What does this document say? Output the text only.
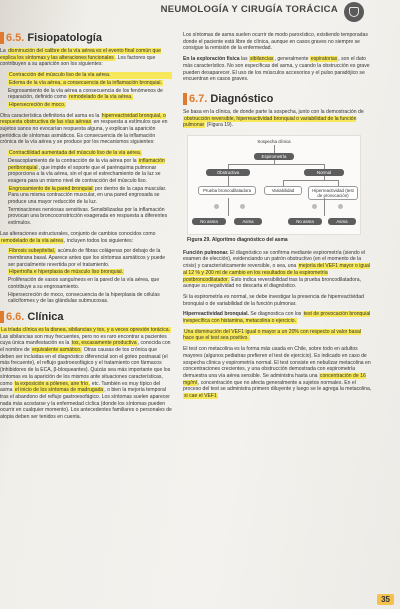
NEUMOLOGÍA Y CIRUGÍA TORÁCICA
6.5. Fisiopatología

La disminución del calibre de la vía aérea es el evento final común que explica los síntomas y las alteraciones funcionales. Los factores que contribuyen a su aparición son los siguientes:

• Contracción del músculo liso de la vía aérea.
• Edema de la vía aérea, a consecuencia de la inflamación bronquial.
• Engrosamiento de la vía aérea a consecuencia de los fenómenos de reparación, definido como remodelado de la vía aérea.
• Hipersecreción de moco.

Otra característica definitoria del asma es la hiperreactividad bronquial, o respuesta obstructiva de las vías aéreas en respuesta a estímulos que en sujetos sanos no evocarían respuesta alguna, y explican la aparición periódica de síntomas asmáticos. Es consecuencia de la inflamación crónica de la vía aérea y se produce por los mecanismos siguientes:

• Contractilidad aumentada del músculo liso de la vía aérea.
• Desacoplamiento de la contracción de la vía aérea por la inflamación peribronquial, que impide el soporte que el parénquima pulmonar proporciona a la vía aérea, sin el que el estrechamiento de la luz se exagera para un mismo nivel de contracción del músculo liso.
• Engrosamiento de la pared bronquial por dentro de la capa muscular. Para una misma contracción muscular, en una pared engrosada se produce una mayor reducción de la luz.
• Terminaciones nerviosas sensitivas. Sensibilizadas por la inflamación provocan una broncoconstricción exagerada en respuesta a diferentes estímulos.

Las alteraciones estructurales, conjunto de cambios conocidos como remodelado de la vía aérea, incluyen todos los siguientes:

• Fibrosis subepitelial, acúmulo de fibras colágenas por debajo de la membrana basal. Aparece antes que los síntomas asmáticos y puede ser parcialmente revertida por el tratamiento.
• Hipertrofia e hiperplasia de músculo liso bronquial.
• Proliferación de vasos sanguíneos en la pared de la vía aérea, que contribuye a su engrosamiento.
• Hipersecreción de moco, consecuencia de la hiperplasia de células caliciformes y de las glándulas submucosas.
6.6. Clínica

La tríada clínica es la disnea, sibilancias y tos, y a veces opresión torácica. Las sibilancias son muy frecuentes, pero no es raro encontrar a pacientes cuya única manifestación es la tos, escasamente productiva, conocida con el nombre de equivalente asmático. Otras causas de tos crónica que deben ser incluidas en el diagnóstico diferencial son el goteo postnasal (el más frecuente), el reflujo gastroesofágico y el tratamiento con fármacos (inhibidores de la ECA, β-bloqueantes). Quizás sea más importante que los síntomas es la aparición de los mismos ante situaciones características, como la exposición a pólenes, aire frío, etc. También es muy típico del asma el inicio de los síntomas de madrugada, o bien la mejoría temporal tras el abandono del reflujo gastroesofágico. Los síntomas suelen aparecer nada más acostarse y la enfermedad cíclica (donde los síntomas pueden ocurrir en cualquier momento). Los antecedentes familiares o personales de atopia deben ser tenidos en cuenta.

Los síntomas de asma suelen ocurrir de modo paroxístico, existiendo temporadas donde el paciente está libre de clínica, aunque en casos graves no siempre se consigue la remisión de la enfermedad.

En la exploración física las sibilancias, generalmente espiratorias, son el dato más característico. No son específicas del asma, y cuando la obstrucción es grave pueden desaparecer. El uso de los músculos accesorios y el pulso paradójico se encuentran en casos graves.

6.7. Diagnóstico

Se basa en la clínica, de donde parte la sospecha, junto con la demostración de obstrucción reversible, hiperreactividad bronquial o variabilidad de la función pulmonar (Figura 19).

Sospecha clínica
Espirometría
Obstructiva	Normal
Prueba broncodilatadora	Variabilidad	Hiperreactividad (test de provocación)
No asma	Asma	No asma	Asma
Figura 29. Algoritmo diagnóstico del asma

Función pulmonar. El diagnóstico se confirma mediante espirometría (siendo el examen de elección), evidenciando un patrón obstructivo (en el momento de la crisis) y característicamente reversible, o sea, una mejoría del VEF1 mayor o igual al 12 % y 200 ml de cambio en los resultados de la espirometría postbroncodilatador. Esto indica reversibilidad tras la prueba broncodilatadora, aunque su negatividad no descarta el diagnóstico.

Si la espirometría es normal, se debe investigar la presencia de hiperreactividad bronquial o de variabilidad de la función pulmonar.

Hiperreactividad bronquial. Se diagnostica con los test de provocación bronquial inespecífica con histamina, metacolina o ejercicio.

Una disminución del VEF1 igual o mayor a un 20% con respecto al valor basal hace que el test sea positivo.

El test con metacolina es la forma más usada en Chile, sobre todo en adultos mayores (algunos pediatras prefieren el test de ejercicio). Es indicado en caso de sospecha clínica y espirometría normal. El test consiste en nebulizar metacolina en concentraciones crecientes, y una obstrucción demostrada con espirometría demuestra una vía aérea sensible. Se administra hasta una concentración de 16 mg/ml, concentración que no afecta generalmente a sujetos normales. En el proceso del test se administra primero diluyente y luego se le agrega la metacolina, si cae el VEF1

35
